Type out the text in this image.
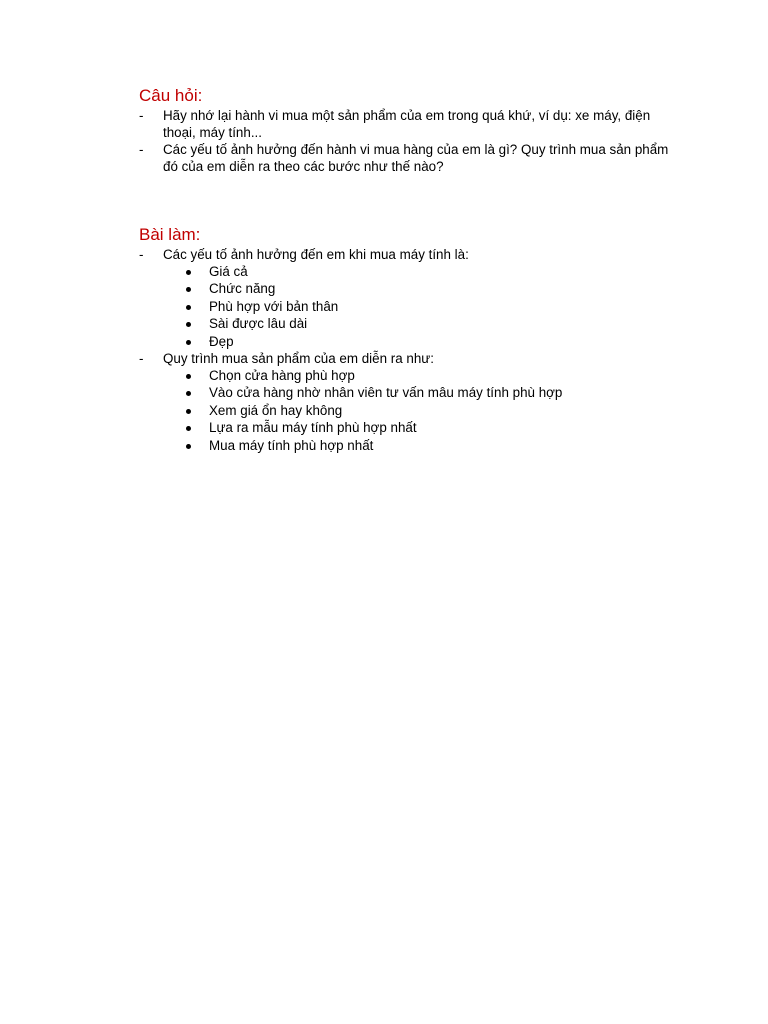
Câu hỏi:
-	Hãy nhớ lại hành vi mua một sản phẩm của em trong quá khứ, ví dụ: xe máy, điện thoại, máy tính...
-	Các yếu tố ảnh hưởng đến hành vi mua hàng của em là gì? Quy trình mua sản phẩm đó của em diễn ra theo các bước như thế nào?
Bài làm:
-	Các yếu tố ảnh hưởng đến em khi mua máy tính là:
Giá cả
Chức năng
Phù hợp với bản thân
Sài được lâu dài
Đẹp
-	Quy trình mua sản phẩm của em diễn ra như:
Chọn cửa hàng phù hợp
Vào cửa hàng nhờ nhân viên tư vấn mâu máy tính phù hợp
Xem giá ổn hay không
Lựa ra mẫu máy tính phù hợp nhất
Mua máy tính phù hợp nhất
